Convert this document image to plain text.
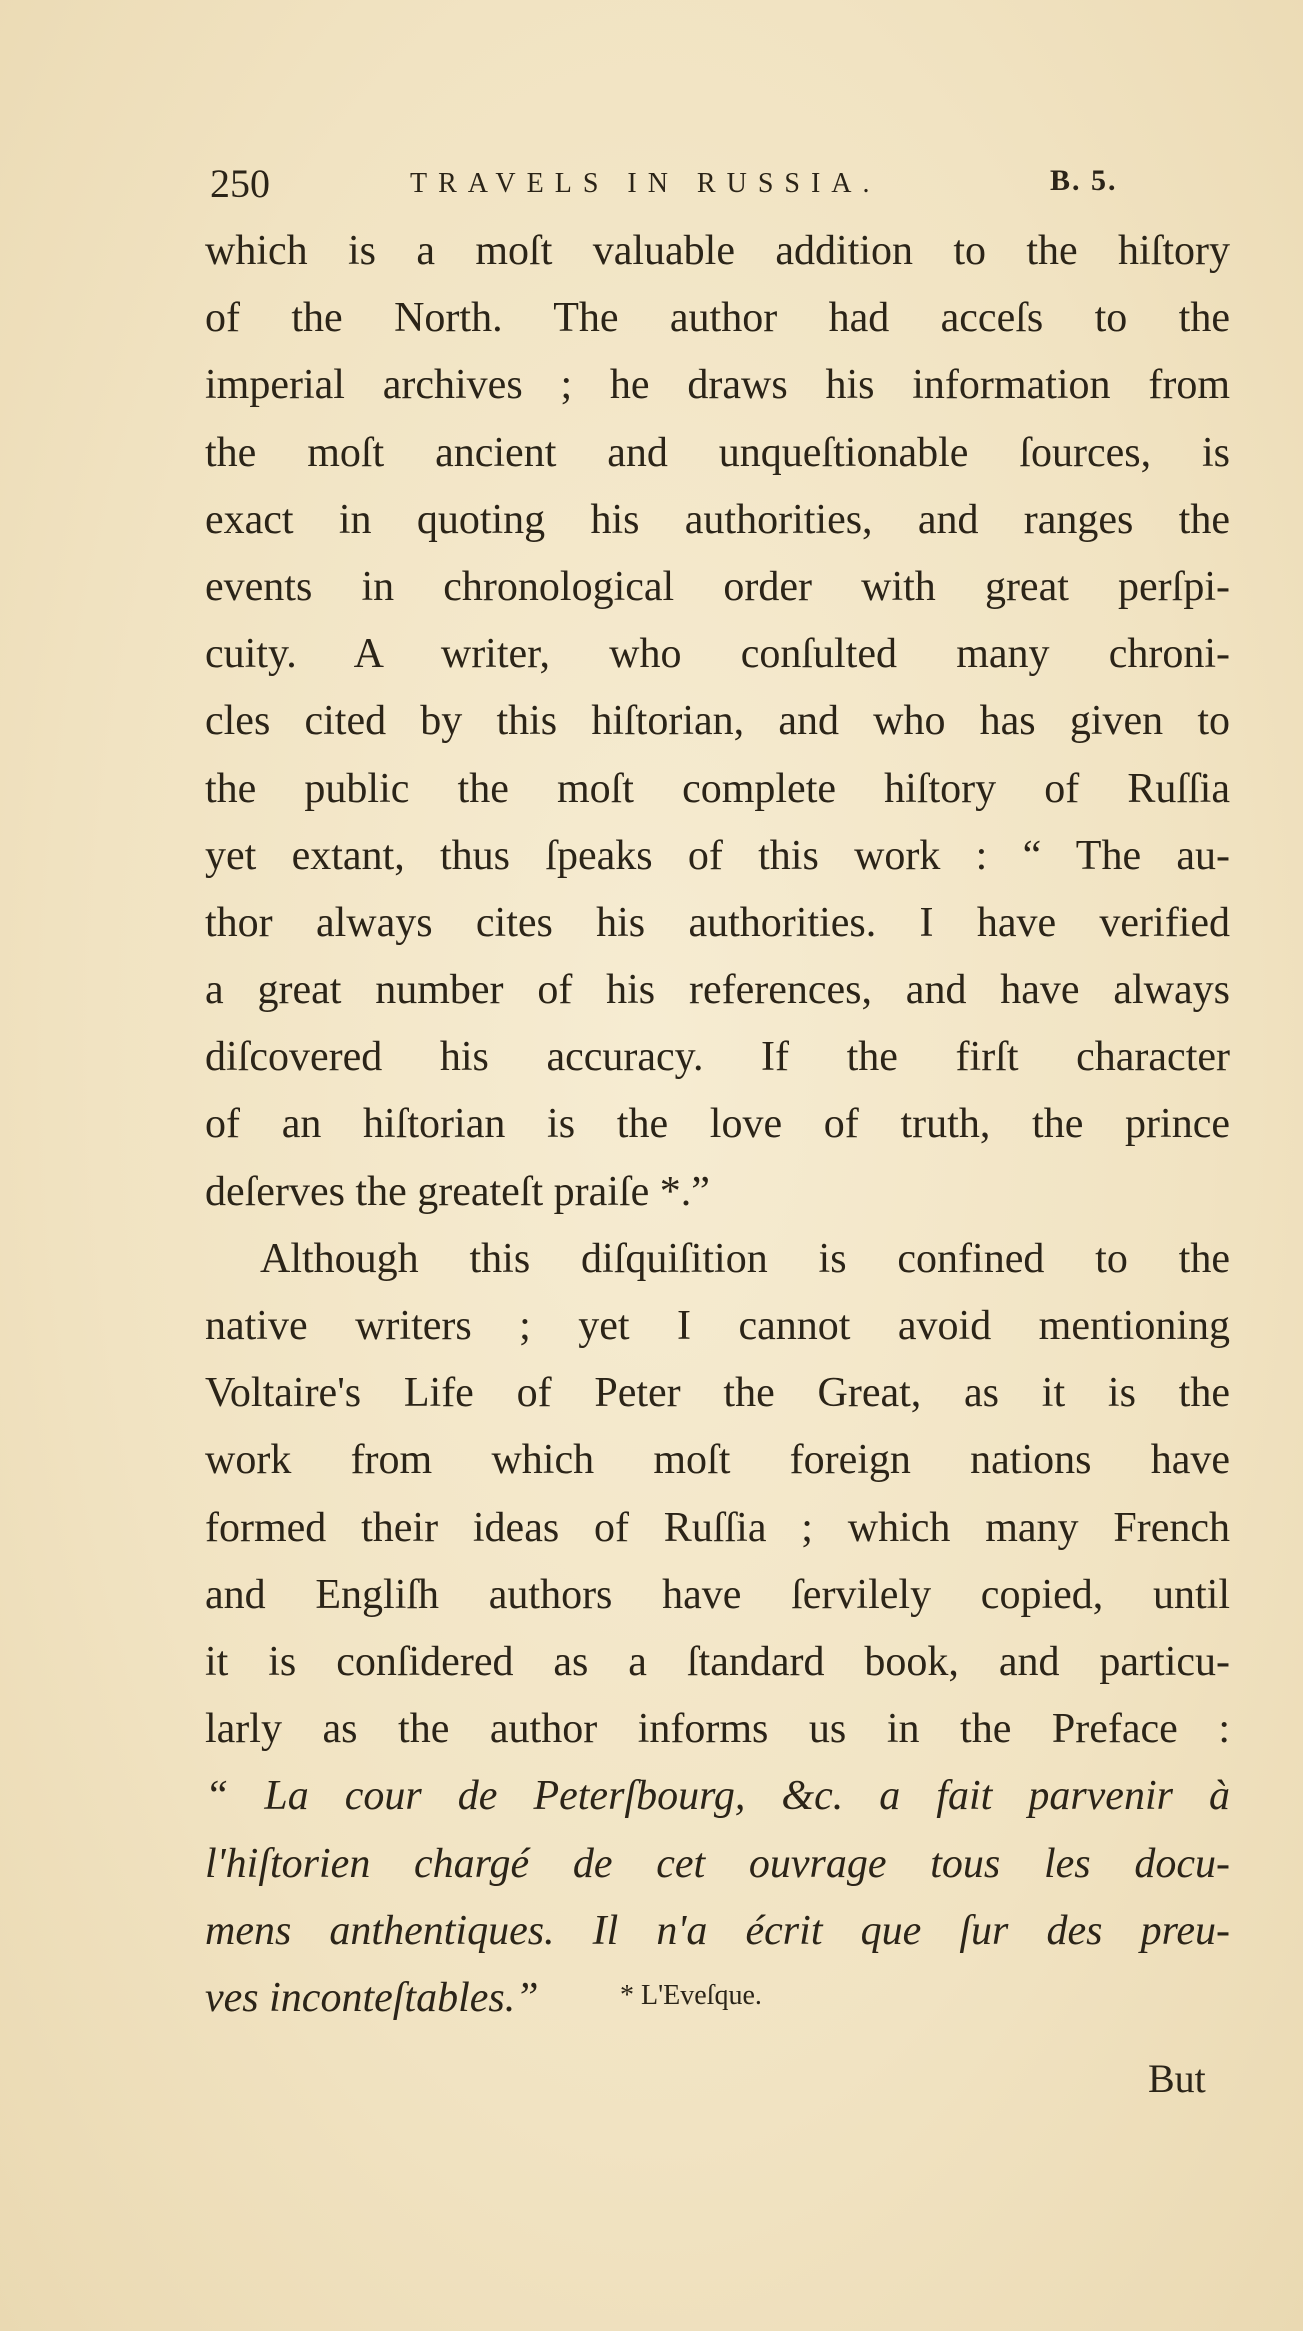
250	TRAVELS IN RUSSIA.	B. 5.
which is a moſt valuable addition to the hiſtory
of the North. The author had acceſs to the
imperial archives ; he draws his information from
the moſt ancient and unqueſtionable ſources, is
exact in quoting his authorities, and ranges the
events in chronological order with great perſpi-
cuity. A writer, who conſulted many chroni-
cles cited by this hiſtorian, and who has given to
the public the moſt complete hiſtory of Ruſſia
yet extant, thus ſpeaks of this work : “ The au-
thor always cites his authorities. I have verified
a great number of his references, and have always
diſcovered his accuracy. If the firſt character
of an hiſtorian is the love of truth, the prince
deſerves the greateſt praiſe *.”
Although this diſquiſition is confined to the
native writers ; yet I cannot avoid mentioning
Voltaire's Life of Peter the Great, as it is the
work from which moſt foreign nations have
formed their ideas of Ruſſia ; which many French
and Engliſh authors have ſervilely copied, until
it is conſidered as a ſtandard book, and particu-
larly as the author informs us in the Preface :
“ La cour de Peterſbourg, &c. a fait parvenir à
l'hiſtorien chargé de cet ouvrage tous les docu-
mens anthentiques. Il n'a écrit que ſur des preu-
ves inconteſtables.”	* L'Eveſque.
But
